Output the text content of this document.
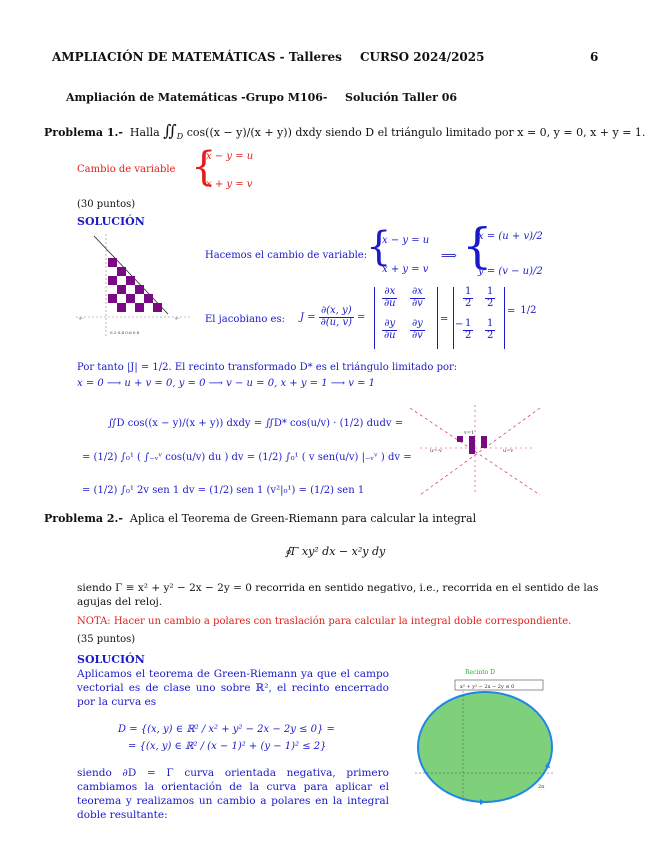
AMPLIACIÓN DE MATEMÁTICAS - Talleres CURSO 2024/2025	6
Ampliación de Matemáticas -Grupo M106- Solución Taller 06
Problema 1.- Halla $∬_D$ cos((x − y)/(x + y)) dxdy siendo D el triángulo limitado por x = 0, y = 0, x + y = 1.
Cambio de variable {
x − y = u
x + y = v
(30 puntos)
SOLUCIÓN
+-	+-
0.2 0.4 0.6 0.8
Hacemos el cambio de variable:
{
x − y = u
x + y = v
⟹ {
x = (u + v)/2
y = (v − u)/2
El jacobiano es: $J = \frac{\partial(x, y)}{\partial(u, v)}$ =
$\frac{\partial x}{\partial u} \frac{\partial x}{\partial v}$
$\frac{\partial y}{\partial u} \frac{\partial y}{\partial v}$ =
$\frac{1}{2} \frac{1}{2}$
− $\frac{1}{2} \frac{1}{2}$
= 1/2
Por tanto |J| = 1/2. El recinto transformado D* es el triángulo limitado por:
x = 0 ⟶ u + v = 0, y = 0 ⟶ v − u = 0, x + y = 1 ⟶ v = 1
∬D cos((x − y)/(x + y)) dxdy = ∬D* cos(u/v) · (1/2) dudv =
= (1/2) ∫₀¹ ( ∫₋ᵥᵛ cos(u/v) du ) dv = (1/2) ∫₀¹ ( v sen(u/v) |₋ᵥᵛ ) dv =
= (1/2) ∫₀¹ 2v sen 1 dv = (1/2) sen 1 (v²|₀¹) = (1/2) sen 1
u=-v	u=v
v=1
Problema 2.- Aplica el Teorema de Green-Riemann para calcular la integral
∮Γ xy² dx − x²y dy
siendo Γ ≡ x² + y² − 2x − 2y = 0 recorrida en sentido negativo, i.e., recorrida en el sentido de las agujas del reloj.
NOTA: Hacer un cambio a polares con traslación para calcular la integral doble correspondiente.
(35 puntos)
SOLUCIÓN
Aplicamos el teorema de Green-Riemann ya que el campo vectorial es de clase uno sobre ℝ², el recinto encerrado por la curva es
D = {(x, y) ∈ ℝ² / x² + y² − 2x − 2y ≤ 0} =
= {(x, y) ∈ ℝ² / (x − 1)² + (y − 1)² ≤ 2}
siendo ∂D = Γ curva orientada negativa, primero cambiamos la orientación de la curva para aplicar el teorema y realizamos un cambio a polares en la integral doble resultante:
Recinto D
x² + y² − 2x − 2y ≤ 0
2π
